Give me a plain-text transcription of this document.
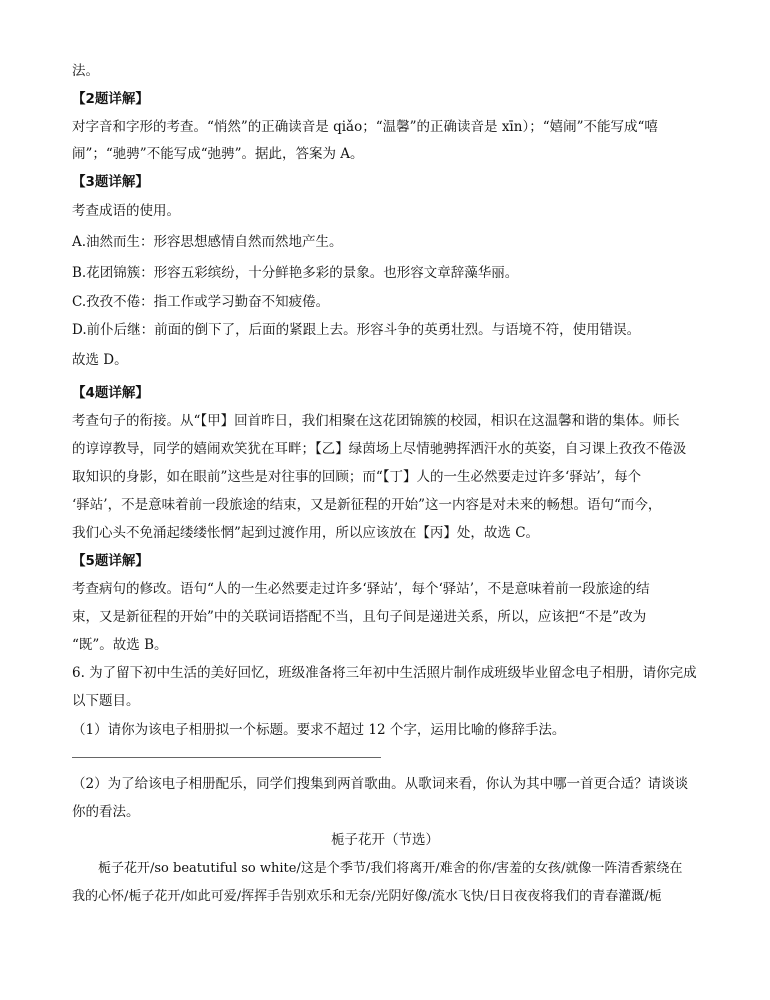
法。
【2题详解】
对字音和字形的考查。“悄然”的正确读音是 qiǎo；“温馨”的正确读音是 xīn）；“嬉闹”不能写成“嘻
闹”；“驰骋”不能写成“弛骋”。据此，答案为 A。
【3题详解】
考查成语的使用。
A.油然而生：形容思想感情自然而然地产生。
B.花团锦簇：形容五彩缤纷，十分鲜艳多彩的景象。也形容文章辞藻华丽。
C.孜孜不倦：指工作或学习勤奋不知疲倦。
D.前仆后继：前面的倒下了，后面的紧跟上去。形容斗争的英勇壮烈。与语境不符，使用错误。
故选 D。
【4题详解】
考查句子的衔接。从“【甲】回首昨日，我们相聚在这花团锦簇的校园，相识在这温馨和谐的集体。师长
的谆谆教导，同学的嬉闹欢笑犹在耳畔；【乙】绿茵场上尽情驰骋挥洒汗水的英姿，自习课上孜孜不倦汲
取知识的身影，如在眼前”这些是对往事的回顾；而“【丁】人的一生必然要走过许多‘驿站’，每个
‘驿站’，不是意味着前一段旅途的结束，又是新征程的开始”这一内容是对未来的畅想。语句“而今，
我们心头不免涌起缕缕怅惘”起到过渡作用，所以应该放在【丙】处，故选 C。
【5题详解】
考查病句的修改。语句“人的一生必然要走过许多‘驿站’，每个‘驿站’，不是意味着前一段旅途的结
束，又是新征程的开始”中的关联词语搭配不当，且句子间是递进关系，所以，应该把“不是”改为
“既”。故选 B。
6. 为了留下初中生活的美好回忆，班级准备将三年初中生活照片制作成班级毕业留念电子相册，请你完成
以下题目。
（1）请你为该电子相册拟一个标题。要求不超过 12 个字，运用比喻的修辞手法。
（2）为了给该电子相册配乐，同学们搜集到两首歌曲。从歌词来看，你认为其中哪一首更合适？请谈谈
你的看法。
栀子花开（节选）
栀子花开/so beatutiful so white/这是个季节/我们将离开/难舍的你/害羞的女孩/就像一阵清香萦绕在
我的心怀/栀子花开/如此可爱/挥挥手告别欢乐和无奈/光阴好像/流水飞快/日日夜夜将我们的青春灌溉/栀
